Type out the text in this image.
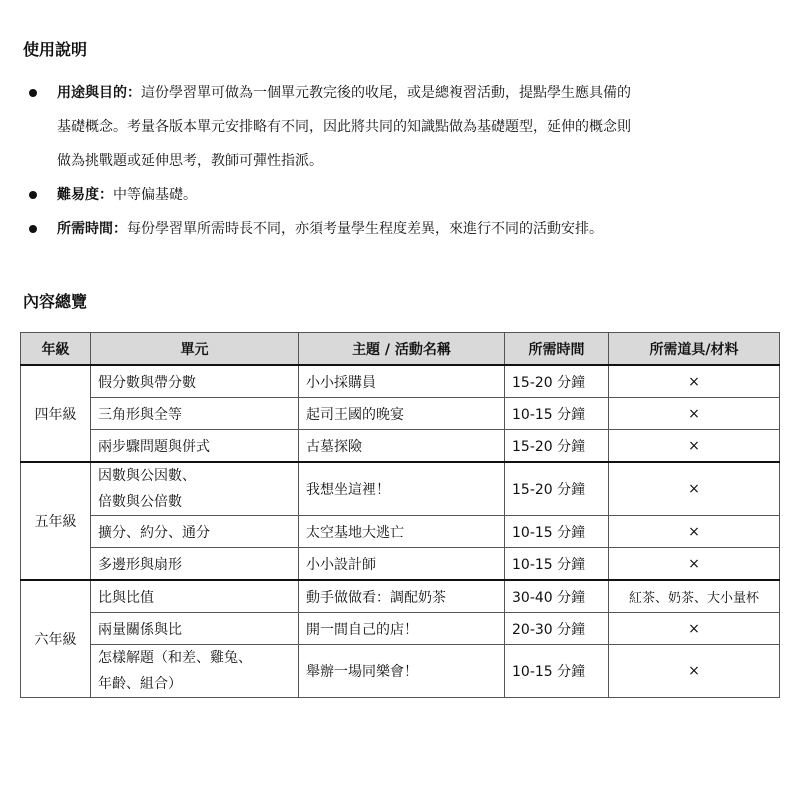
使用說明
用途與目的：這份學習單可做為一個單元教完後的收尾，或是總複習活動，提點學生應具備的
基礎概念。考量各版本單元安排略有不同，因此將共同的知識點做為基礎題型，延伸的概念則
做為挑戰題或延伸思考，教師可彈性指派。
難易度：中等偏基礎。
所需時間：每份學習單所需時長不同，亦須考量學生程度差異，來進行不同的活動安排。
內容總覽
年級	單元	主題 / 活動名稱	所需時間	所需道具/材料
四年級	假分數與帶分數	小小採購員	15-20 分鐘	×
	三角形與全等	起司王國的晚宴	10-15 分鐘	×
	兩步驟問題與併式	古墓探險	15-20 分鐘	×
五年級	因數與公因數、
倍數與公倍數	我想坐這裡！	15-20 分鐘	×
	擴分、約分、通分	太空基地大逃亡	10-15 分鐘	×
	多邊形與扇形	小小設計師	10-15 分鐘	×
六年級	比與比值	動手做做看：調配奶茶	30-40 分鐘	紅茶、奶茶、大小量杯
	兩量關係與比	開一間自己的店！	20-30 分鐘	×

	怎樣解題（和差、雞兔、
年齡、組合）	舉辦一場同樂會！	10-15 分鐘	×
